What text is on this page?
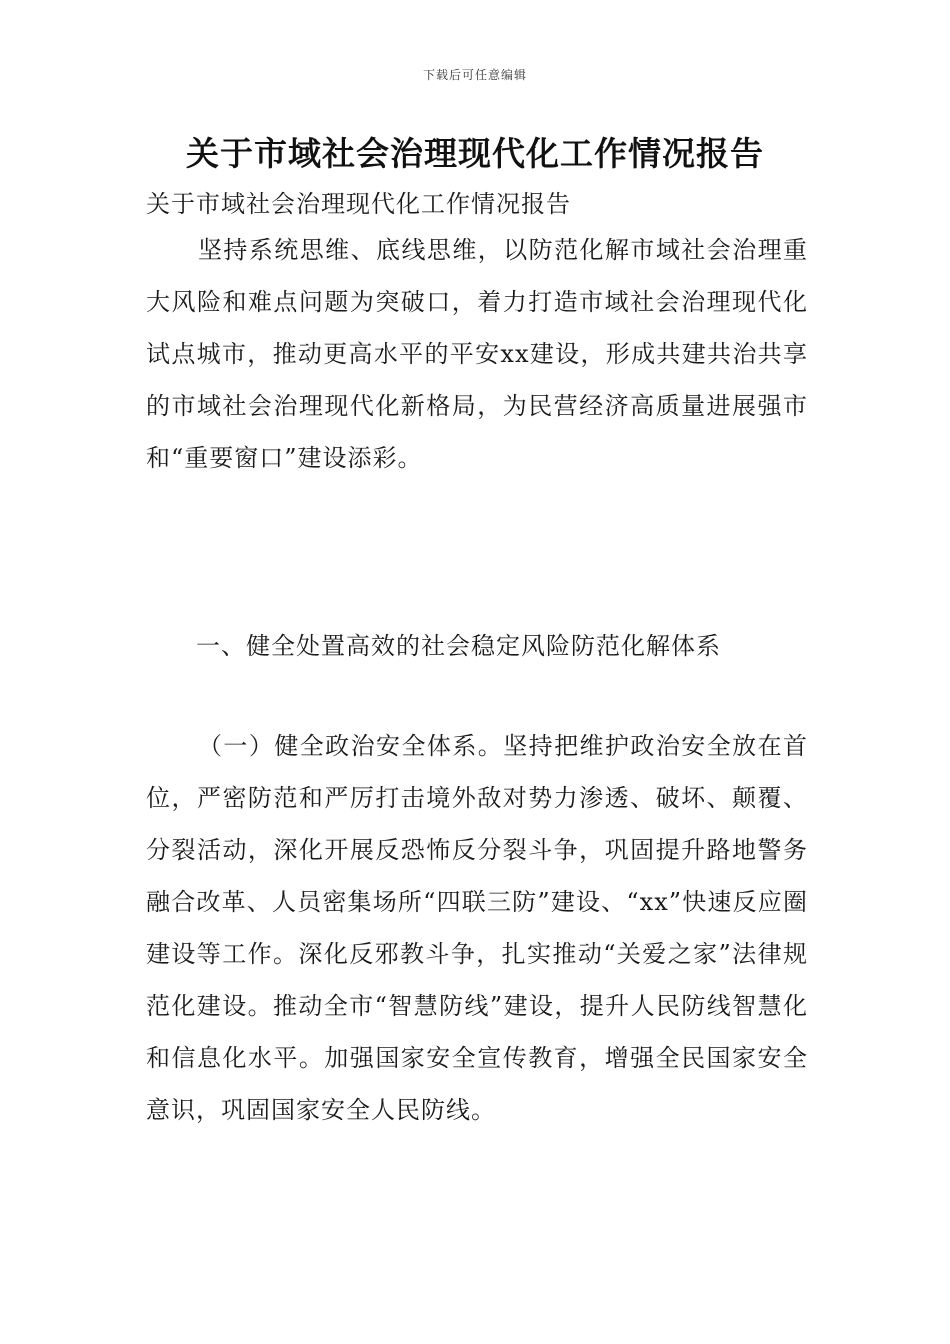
下载后可任意编辑
关于市域社会治理现代化工作情况报告
关于市域社会治理现代化工作情况报告

坚持系统思维、底线思维，以防范化解市域社会治理重大风险和难点问题为突破口，着力打造市域社会治理现代化试点城市，推动更高水平的平安xx建设，形成共建共治共享的市域社会治理现代化新格局，为民营经济高质量进展强市和“重要窗口”建设添彩。

一、健全处置高效的社会稳定风险防范化解体系

（一）健全政治安全体系。坚持把维护政治安全放在首位，严密防范和严厉打击境外敌对势力渗透、破坏、颠覆、分裂活动，深化开展反恐怖反分裂斗争，巩固提升路地警务融合改革、人员密集场所“四联三防”建设、“xx”快速反应圈建设等工作。深化反邪教斗争，扎实推动“关爱之家”法律规范化建设。推动全市“智慧防线”建设，提升人民防线智慧化和信息化水平。加强国家安全宣传教育，增强全民国家安全意识，巩固国家安全人民防线。
